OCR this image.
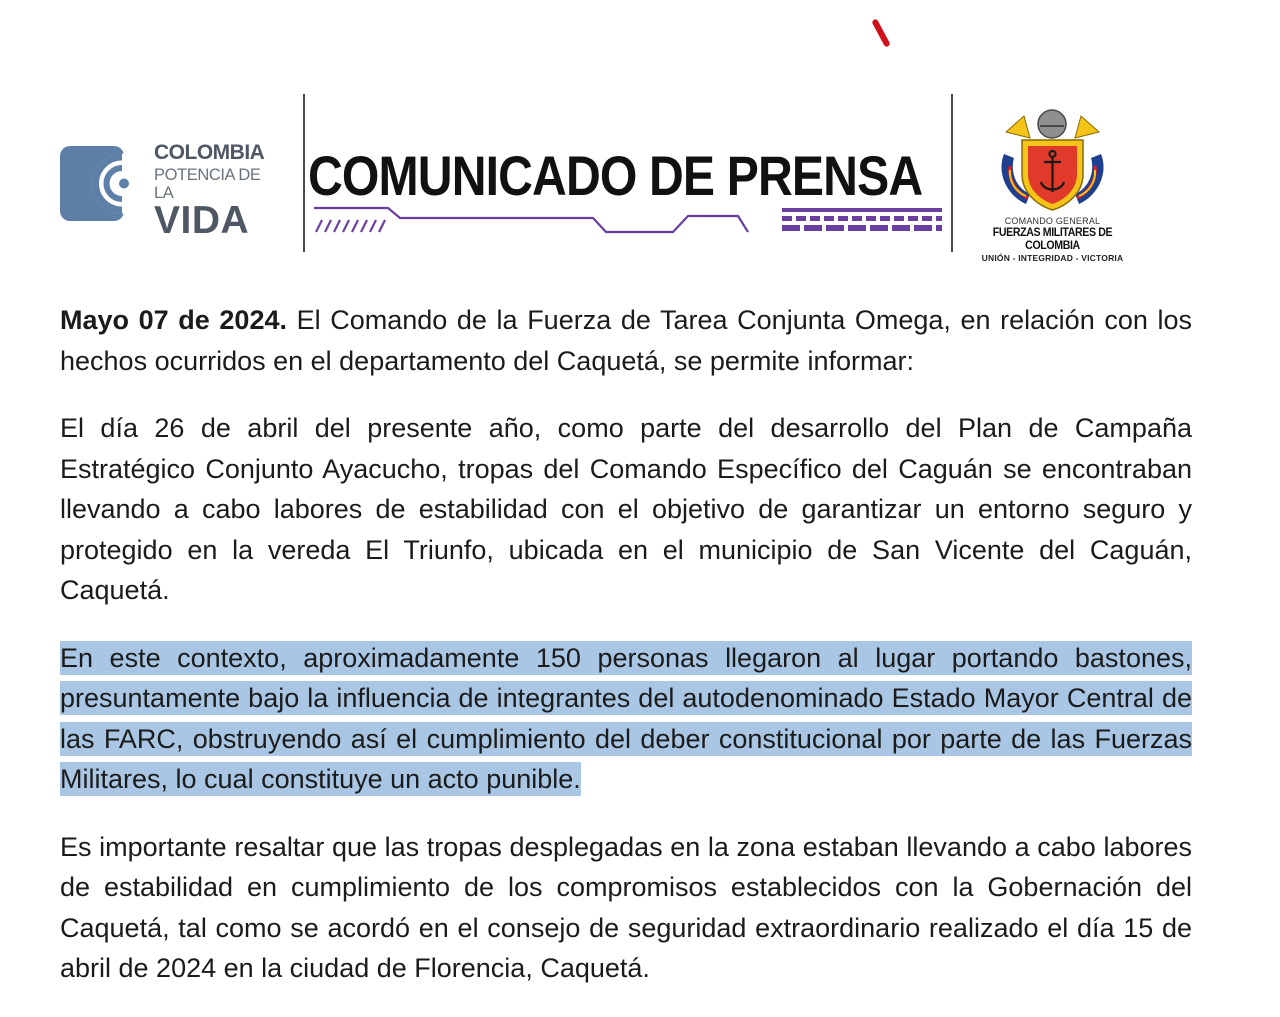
COLOMBIA
POTENCIA DE LA
VIDA
COMUNICADO DE PRENSA
COMANDO GENERAL
FUERZAS MILITARES DE COLOMBIA
UNIÓN - INTEGRIDAD - VICTORIA

Mayo 07 de 2024. El Comando de la Fuerza de Tarea Conjunta Omega, en relación con los hechos ocurridos en el departamento del Caquetá, se permite informar:

El día 26 de abril del presente año, como parte del desarrollo del Plan de Campaña Estratégico Conjunto Ayacucho, tropas del Comando Específico del Caguán se encontraban llevando a cabo labores de estabilidad con el objetivo de garantizar un entorno seguro y protegido en la vereda El Triunfo, ubicada en el municipio de San Vicente del Caguán, Caquetá.

En este contexto, aproximadamente 150 personas llegaron al lugar portando bastones, presuntamente bajo la influencia de integrantes del autodenominado Estado Mayor Central de las FARC, obstruyendo así el cumplimiento del deber constitucional por parte de las Fuerzas Militares, lo cual constituye un acto punible.

Es importante resaltar que las tropas desplegadas en la zona estaban llevando a cabo labores de estabilidad en cumplimiento de los compromisos establecidos con la Gobernación del Caquetá, tal como se acordó en el consejo de seguridad extraordinario realizado el día 15 de abril de 2024 en la ciudad de Florencia, Caquetá.
